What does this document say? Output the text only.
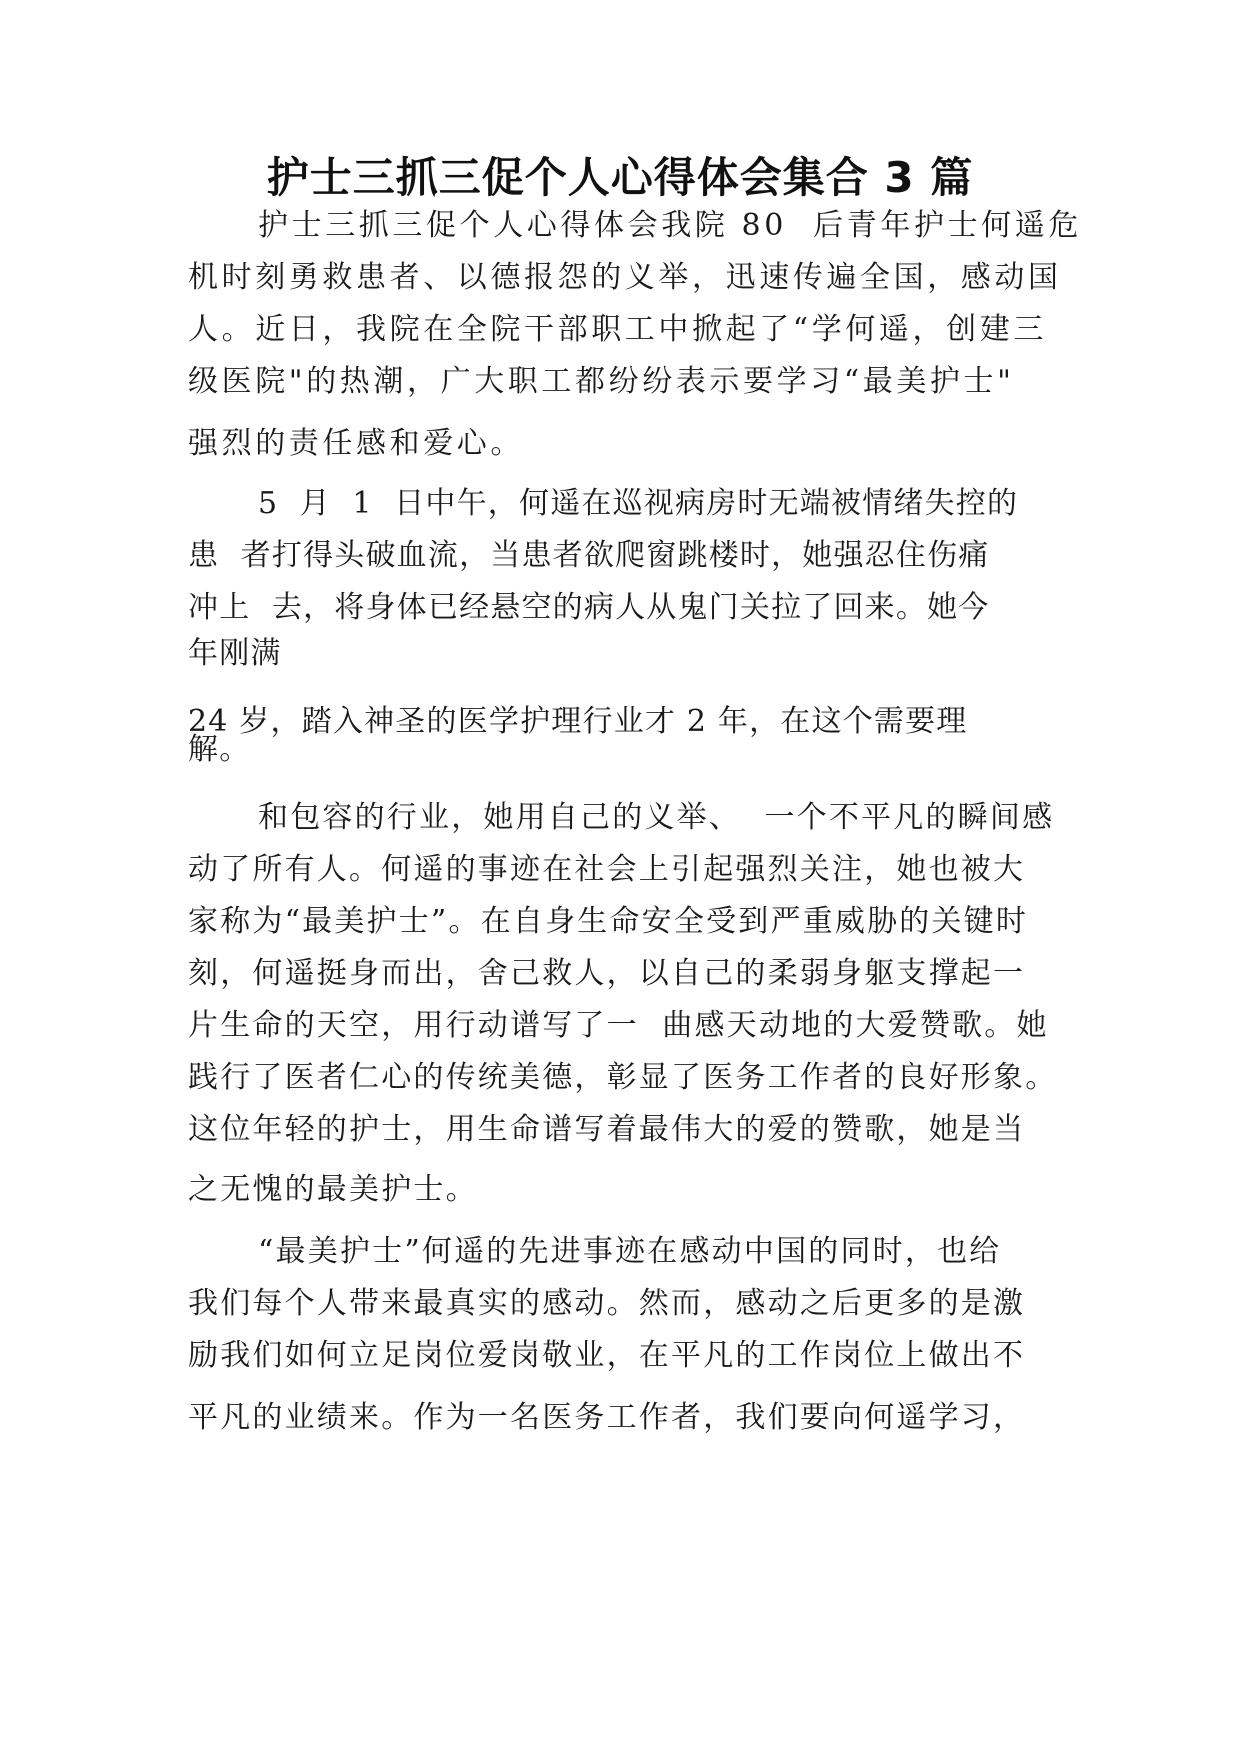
护士三抓三促个人心得体会集合 3 篇
护士三抓三促个人心得体会我院 80  后青年护士何遥危
机时刻勇救患者、以德报怨的义举，迅速传遍全国，感动国
人。近日，我院在全院干部职工中掀起了“学何遥，创建三
级医院"的热潮，广大职工都纷纷表示要学习“最美护士"
强烈的责任感和爱心。
5  月  1  日中午，何遥在巡视病房时无端被情绪失控的
患  者打得头破血流，当患者欲爬窗跳楼时，她强忍住伤痛
冲上  去，将身体已经悬空的病人从鬼门关拉了回来。她今
年刚满
24 岁，踏入神圣的医学护理行业才 2 年，在这个需要理
解。
和包容的行业，她用自己的义举、  一个不平凡的瞬间感
动了所有人。何遥的事迹在社会上引起强烈关注，她也被大
家称为“最美护士”。在自身生命安全受到严重威胁的关键时
刻，何遥挺身而出，舍己救人，以自己的柔弱身躯支撑起一
片生命的天空，用行动谱写了一  曲感天动地的大爱赞歌。她
践行了医者仁心的传统美德，彰显了医务工作者的良好形象。
这位年轻的护士，用生命谱写着最伟大的爱的赞歌，她是当
之无愧的最美护士。
“最美护士”何遥的先进事迹在感动中国的同时，也给
我们每个人带来最真实的感动。然而，感动之后更多的是激
励我们如何立足岗位爱岗敬业，在平凡的工作岗位上做出不
平凡的业绩来。作为一名医务工作者，我们要向何遥学习，
